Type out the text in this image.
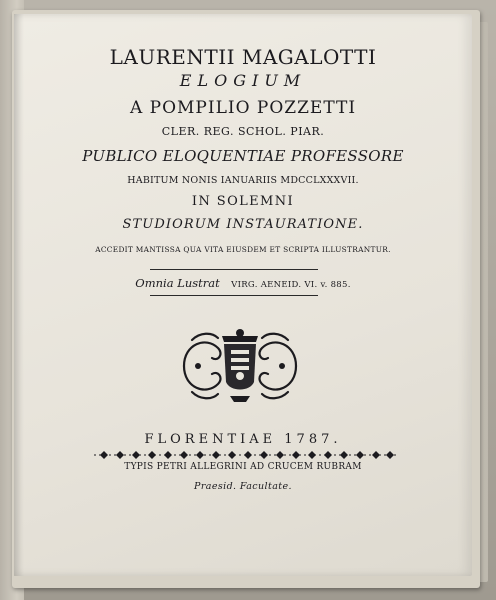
LAURENTII MAGALOTTI
ELOGIUM
A POMPILIO POZZETTI
CLER. REG. SCHOL. PIAR.
PUBLICO ELOQUENTIAE PROFESSORE
HABITUM NONIS IANUARIIS MDCCLXXXVII.
IN SOLEMNI
STUDIORUM INSTAURATIONE.
ACCEDIT MANTISSA QUA VITA EIUSDEM ET SCRIPTA ILLUSTRANTUR.
Omnia Lustrat VIRG. AENEID. VI. v. 885.
FLORENTIAE 1787.
TYPIS PETRI ALLEGRINI AD CRUCEM RUBRAM
Praesid. Facultate.
